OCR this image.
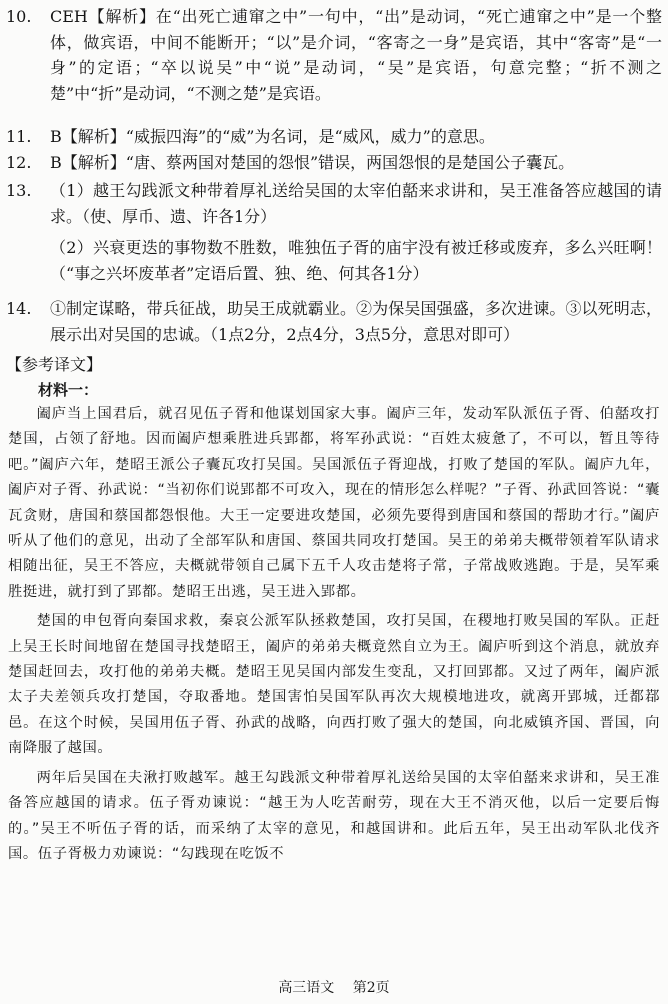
10. CEH【解析】在“出死亡逋窜之中”一句中，“出”是动词，“死亡逋窜之中”是一个整体，做宾语，中间不能断开；“以”是介词，“客寄之一身”是宾语，其中“客寄”是“一身”的定语；“卒以说吴”中“说”是动词，“吴”是宾语，句意完整；“折不测之楚”中“折”是动词，“不测之楚”是宾语。
11. B【解析】“威振四海”的“威”为名词，是“威风，威力”的意思。
12. B【解析】“唐、蔡两国对楚国的怨恨”错误，两国怨恨的是楚国公子囊瓦。
13. （1）越王勾践派文种带着厚礼送给吴国的太宰伯嚭来求讲和，吴王准备答应越国的请求。（使、厚币、遗、许各1分）
（2）兴衰更迭的事物数不胜数，唯独伍子胥的庙宇没有被迁移或废弃，多么兴旺啊！（“事之兴坏废革者”定语后置、独、绝、何其各1分）
14. ①制定谋略，带兵征战，助吴王成就霸业。②为保吴国强盛，多次进谏。③以死明志，展示出对吴国的忠诚。（1点2分，2点4分，3点5分，意思对即可）
【参考译文】
材料一：

阖庐当上国君后，就召见伍子胥和他谋划国家大事。阖庐三年，发动军队派伍子胥、伯嚭攻打楚国，占领了舒地。因而阖庐想乘胜进兵郢都，将军孙武说：“百姓太疲惫了，不可以，暂且等待吧。”阖庐六年，楚昭王派公子囊瓦攻打吴国。吴国派伍子胥迎战，打败了楚国的军队。阖庐九年，阖庐对子胥、孙武说：“当初你们说郢都不可攻入，现在的情形怎么样呢？”子胥、孙武回答说：“囊瓦贪财，唐国和蔡国都怨恨他。大王一定要进攻楚国，必须先要得到唐国和蔡国的帮助才行。”阖庐听从了他们的意见，出动了全部军队和唐国、蔡国共同攻打楚国。吴王的弟弟夫概带领着军队请求相随出征，吴王不答应，夫概就带领自己属下五千人攻击楚将子常，子常战败逃跑。于是，吴军乘胜挺进，就打到了郢都。楚昭王出逃，吴王进入郢都。

楚国的申包胥向秦国求救，秦哀公派军队拯救楚国，攻打吴国，在稷地打败吴国的军队。正赶上吴王长时间地留在楚国寻找楚昭王，阖庐的弟弟夫概竟然自立为王。阖庐听到这个消息，就放弃楚国赶回去，攻打他的弟弟夫概。楚昭王见吴国内部发生变乱，又打回郢都。又过了两年，阖庐派太子夫差领兵攻打楚国，夺取番地。楚国害怕吴国军队再次大规模地进攻，就离开郢城，迁都鄀邑。在这个时候，吴国用伍子胥、孙武的战略，向西打败了强大的楚国，向北威镇齐国、晋国，向南降服了越国。

两年后吴国在夫湫打败越军。越王勾践派文种带着厚礼送给吴国的太宰伯嚭来求讲和，吴王准备答应越国的请求。伍子胥劝谏说：“越王为人吃苦耐劳，现在大王不消灭他，以后一定要后悔的。”吴王不听伍子胥的话，而采纳了太宰的意见，和越国讲和。此后五年，吴王出动军队北伐齐国。伍子胥极力劝谏说：“勾践现在吃饭不

高三语文 第2页
